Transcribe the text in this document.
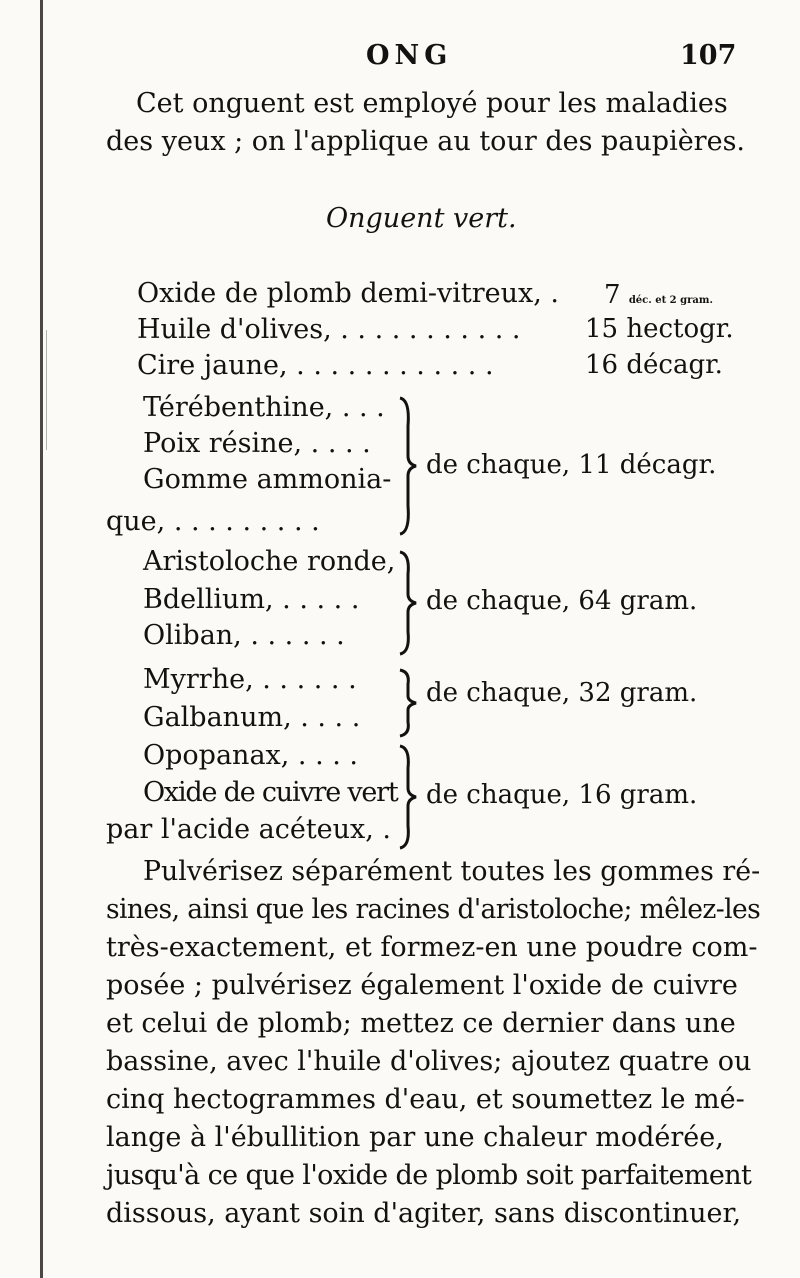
ONG	107
Cet onguent est employé pour les maladies
des yeux ; on l'applique au tour des paupières.
Onguent vert.
Oxide de plomb demi-vitreux, . 7 déc. et 2 gram.
Huile d'olives, . . . . . . . . . . . 15 hectogr.
Cire jaune, . . . . . . . . . . . .	16 décagr.
Térébenthine, . . .
Poix résine, . . . .
Gomme ammonia-
que, . . . . . . . . .
de chaque, 11 décagr.
Aristoloche ronde,
Bdellium, . . . . .
Oliban, . . . . . .
de chaque, 64 gram.
Myrrhe, . . . . . .
Galbanum, . . . .
de chaque, 32 gram.
Opopanax, . . . .
Oxide de cuivre vert
par l'acide acéteux, .
de chaque, 16 gram.
Pulvérisez séparément toutes les gommes ré-
sines, ainsi que les racines d'aristoloche; mêlez-les
très-exactement, et formez-en une poudre com-
posée ; pulvérisez également l'oxide de cuivre
et celui de plomb; mettez ce dernier dans une
bassine, avec l'huile d'olives; ajoutez quatre ou
cinq hectogrammes d'eau, et soumettez le mé-
lange à l'ébullition par une chaleur modérée,
jusqu'à ce que l'oxide de plomb soit parfaitement
dissous, ayant soin d'agiter, sans discontinuer,
